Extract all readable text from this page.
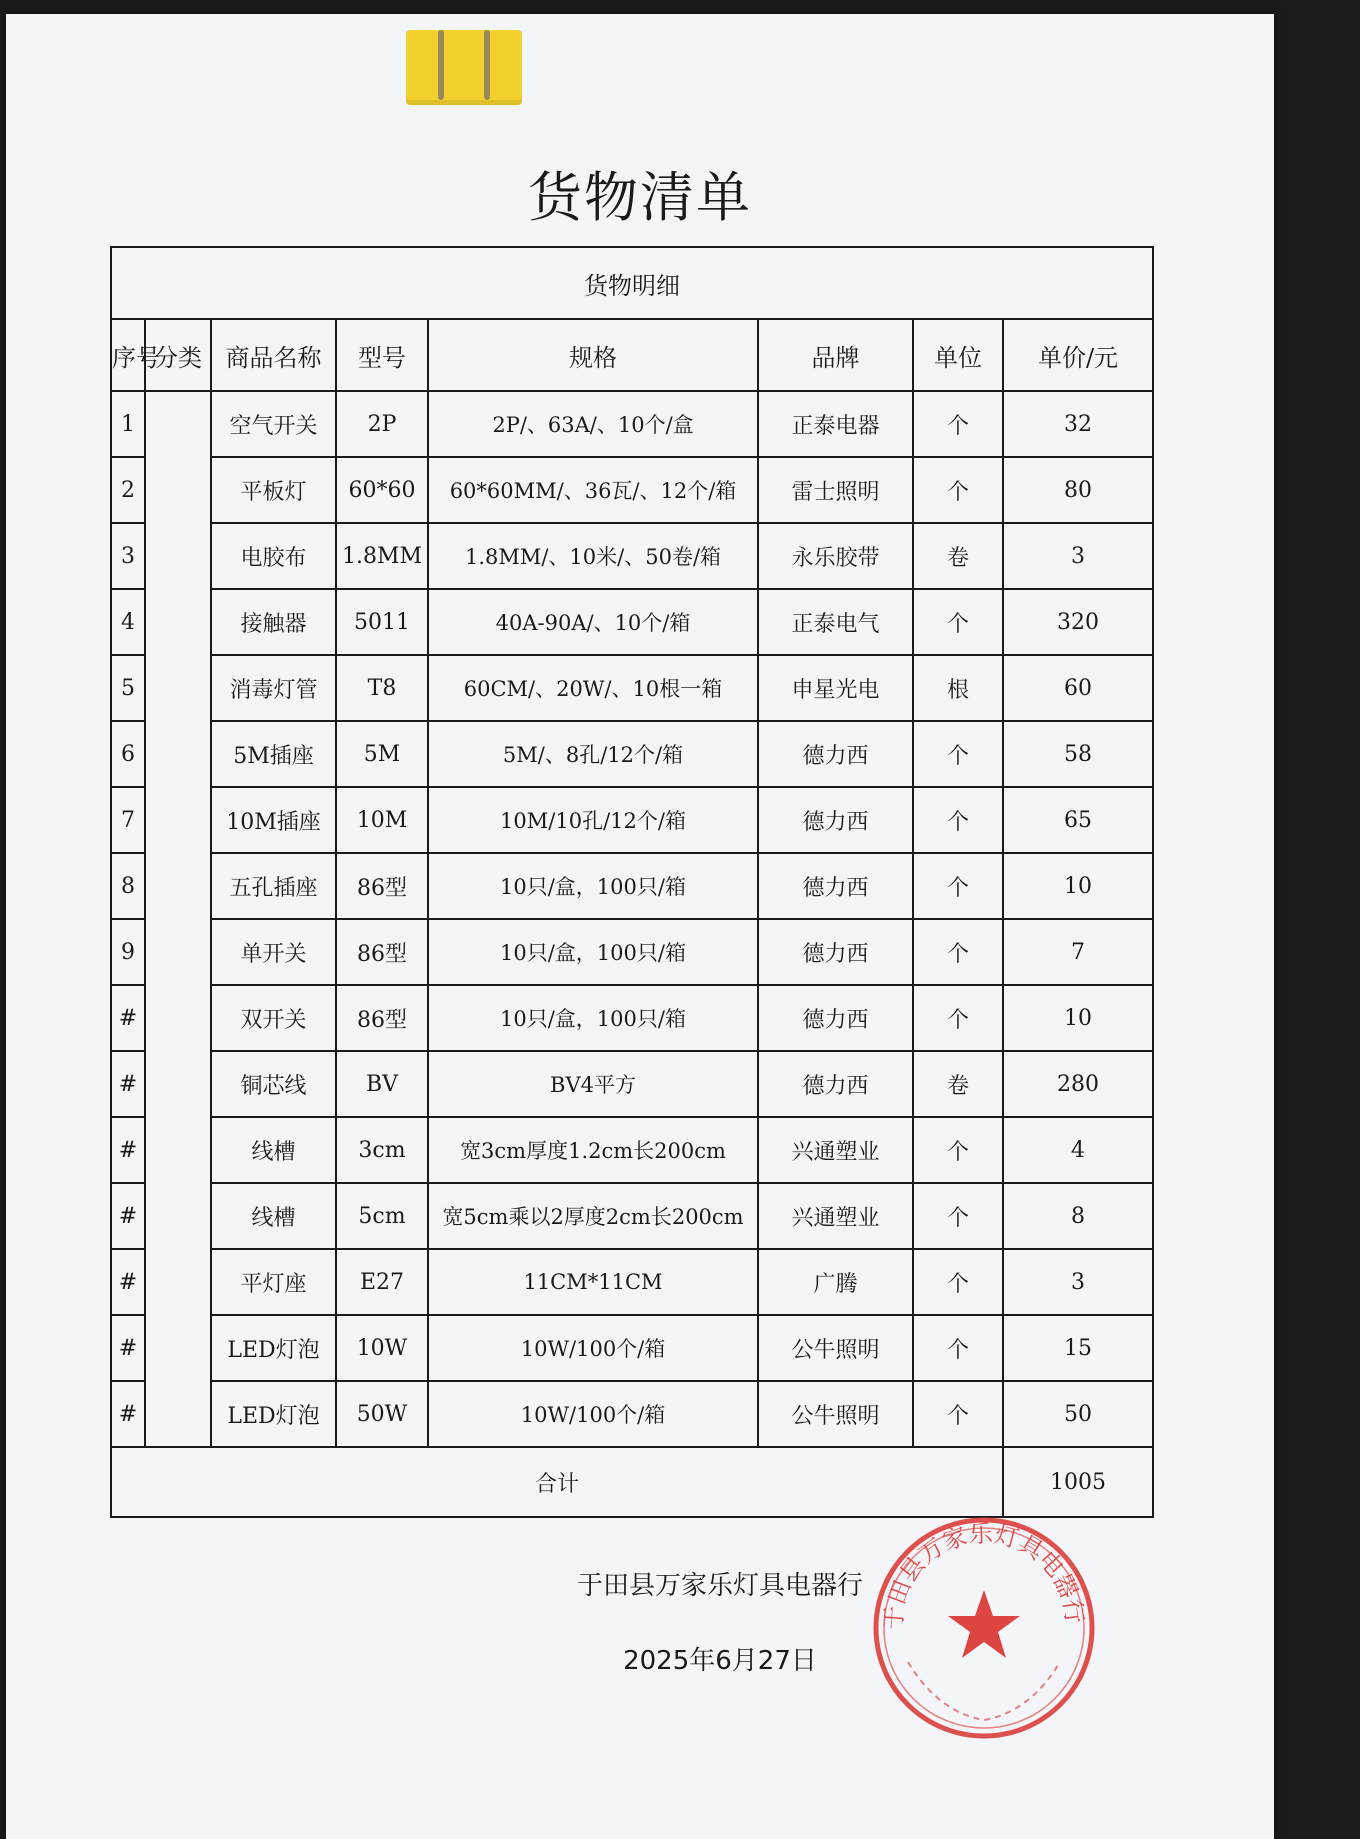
货物清单
货物明细							
序号	分类	商品名称	型号	规格	品牌	单位	单价/元
1		空气开关	2P	2P/、63A/、10个/盒	正泰电器	个	32
2		平板灯	60*60	60*60MM/、36瓦/、12个/箱	雷士照明	个	80
3		电胶布	1.8MM	1.8MM/、10米/、50卷/箱	永乐胶带	卷	3
4		接触器	5011	40A-90A/、10个/箱	正泰电气	个	320
5		消毒灯管	T8	60CM/、20W/、10根一箱	申星光电	根	60
6		5M插座	5M	5M/、8孔/12个/箱	德力西	个	58
7		10M插座	10M	10M/10孔/12个/箱	德力西	个	65
8		五孔插座	86型	10只/盒，100只/箱	德力西	个	10
9		单开关	86型	10只/盒，100只/箱	德力西	个	7
#		双开关	86型	10只/盒，100只/箱	德力西	个	10
#		铜芯线	BV	BV4平方	德力西	卷	280
#		线槽	3cm	宽3cm厚度1.2cm长200cm	兴通塑业	个	4
#		线槽	5cm	宽5cm乘以2厚度2cm长200cm	兴通塑业	个	8
#		平灯座	E27	11CM*11CM	广腾	个	3
#		LED灯泡	10W	10W/100个/箱	公牛照明	个	15
#		LED灯泡	50W	10W/100个/箱	公牛照明	个	50
合计							1005
于田县万家乐灯具电器行
2025年6月27日
于田县万家乐灯具电器行
